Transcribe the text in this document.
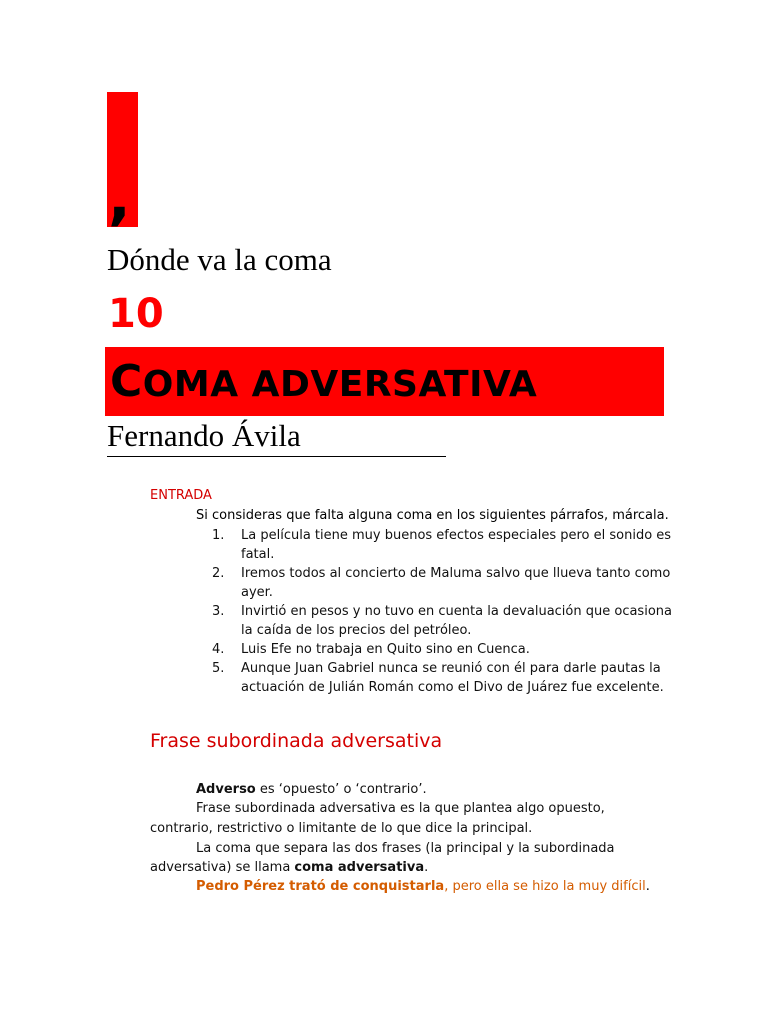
,
Dónde va la coma
10
COMA ADVERSATIVA
Fernando Ávila
ENTRADA
Si consideras que falta alguna coma en los siguientes párrafos, márcala.
1.	La película tiene muy buenos efectos especiales pero el sonido es fatal.
2.	Iremos todos al concierto de Maluma salvo que llueva tanto como ayer.
3.	Invirtió en pesos y no tuvo en cuenta la devaluación que ocasiona la caída de los precios del petróleo.
4.	Luis Efe no trabaja en Quito sino en Cuenca.
5.	Aunque Juan Gabriel nunca se reunió con él para darle pautas la actuación de Julián Román como el Divo de Juárez fue excelente.
Frase subordinada adversativa
Adverso es ‘opuesto’ o ‘contrario’.
Frase subordinada adversativa es la que plantea algo opuesto,
contrario, restrictivo o limitante de lo que dice la principal.
La coma que separa las dos frases (la principal y la subordinada
adversativa) se llama coma adversativa.
Pedro Pérez trató de conquistarla, pero ella se hizo la muy difícil.
